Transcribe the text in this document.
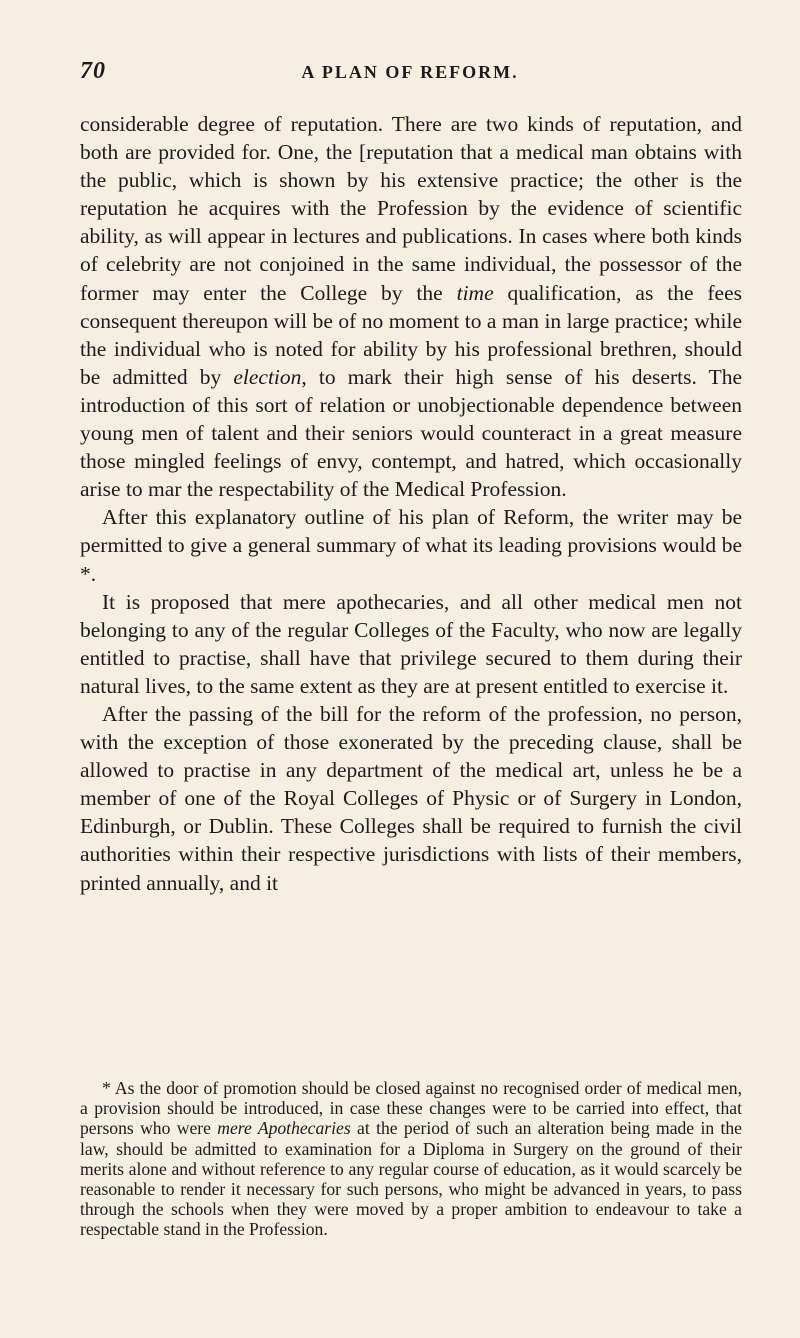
70	A PLAN OF REFORM.

considerable degree of reputation. There are two kinds of reputation, and both are provided for. One, the [reputation that a medical man obtains with the public, which is shown by his extensive practice; the other is the reputation he acquires with the Profession by the evidence of scientific ability, as will appear in lectures and publications. In cases where both kinds of celebrity are not conjoined in the same individual, the possessor of the former may enter the College by the time qualification, as the fees consequent thereupon will be of no moment to a man in large practice; while the individual who is noted for ability by his professional brethren, should be admitted by election, to mark their high sense of his deserts. The introduction of this sort of relation or unobjectionable dependence between young men of talent and their seniors would counteract in a great measure those mingled feelings of envy, contempt, and hatred, which occasionally arise to mar the respectability of the Medical Profession.

After this explanatory outline of his plan of Reform, the writer may be permitted to give a general summary of what its leading provisions would be *.

It is proposed that mere apothecaries, and all other medical men not belonging to any of the regular Colleges of the Faculty, who now are legally entitled to practise, shall have that privilege secured to them during their natural lives, to the same extent as they are at present entitled to exercise it.

After the passing of the bill for the reform of the profession, no person, with the exception of those exonerated by the preceding clause, shall be allowed to practise in any department of the medical art, unless he be a member of one of the Royal Colleges of Physic or of Surgery in London, Edinburgh, or Dublin. These Colleges shall be required to furnish the civil authorities within their respective jurisdictions with lists of their members, printed annually, and it

* As the door of promotion should be closed against no recognised order of medical men, a provision should be introduced, in case these changes were to be carried into effect, that persons who were mere Apothecaries at the period of such an alteration being made in the law, should be admitted to examination for a Diploma in Surgery on the ground of their merits alone and without reference to any regular course of education, as it would scarcely be reasonable to render it necessary for such persons, who might be advanced in years, to pass through the schools when they were moved by a proper ambition to endeavour to take a respectable stand in the Profession.
